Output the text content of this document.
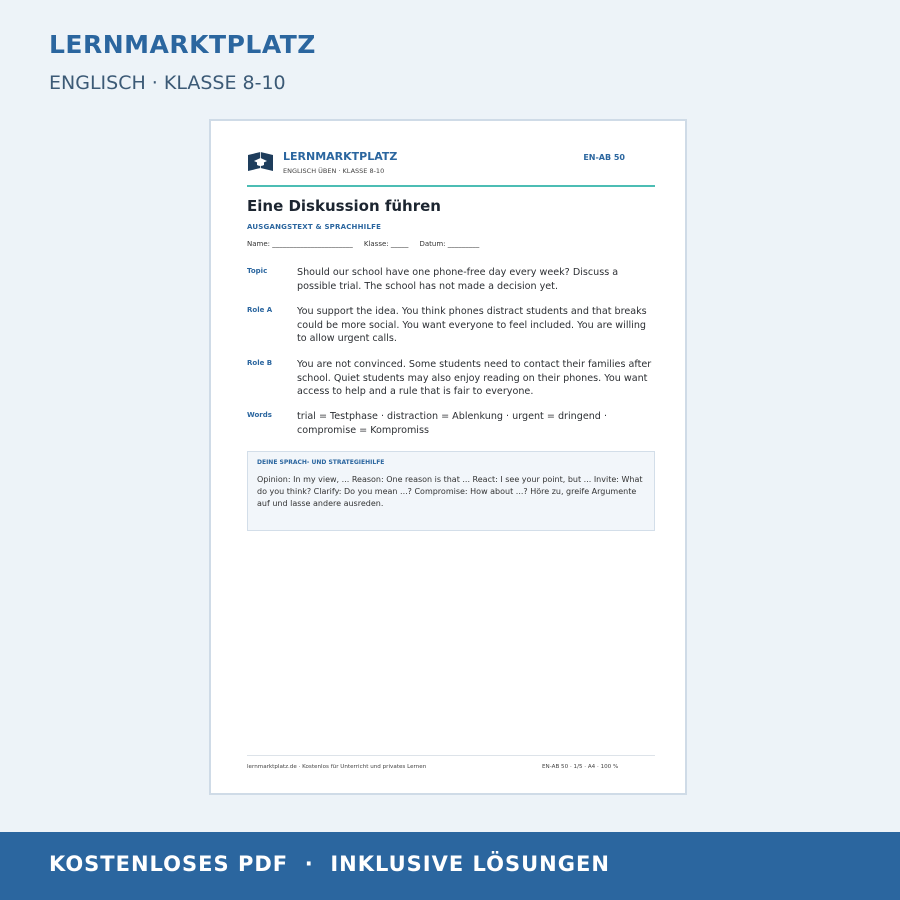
LERNMARKTPLATZ
ENGLISCH · KLASSE 8-10
LERNMARKTPLATZ
ENGLISCH ÜBEN · KLASSE 8-10
EN-AB 50
Eine Diskussion führen
AUSGANGSTEXT & SPRACHHILFE
Name: _______________________     Klasse: _____     Datum: _________
Topic	Should our school have one phone-free day every week? Discuss a possible trial. The school has not made a decision yet.
Role A	You support the idea. You think phones distract students and that breaks could be more social. You want everyone to feel included. You are willing to allow urgent calls.
Role B	You are not convinced. Some students need to contact their families after school. Quiet students may also enjoy reading on their phones. You want access to help and a rule that is fair to everyone.
Words	trial = Testphase · distraction = Ablenkung · urgent = dringend · compromise = Kompromiss
DEINE SPRACH- UND STRATEGIEHILFE
Opinion: In my view, ... Reason: One reason is that ... React: I see your point, but ... Invite: What do you think? Clarify: Do you mean ...? Compromise: How about ...? Höre zu, greife Argumente auf und lasse andere ausreden.
lernmarktplatz.de · Kostenlos für Unterricht und privates Lernen	EN-AB 50 · 1/5 · A4 · 100 %
KOSTENLOSES PDF  ·  INKLUSIVE LÖSUNGEN
